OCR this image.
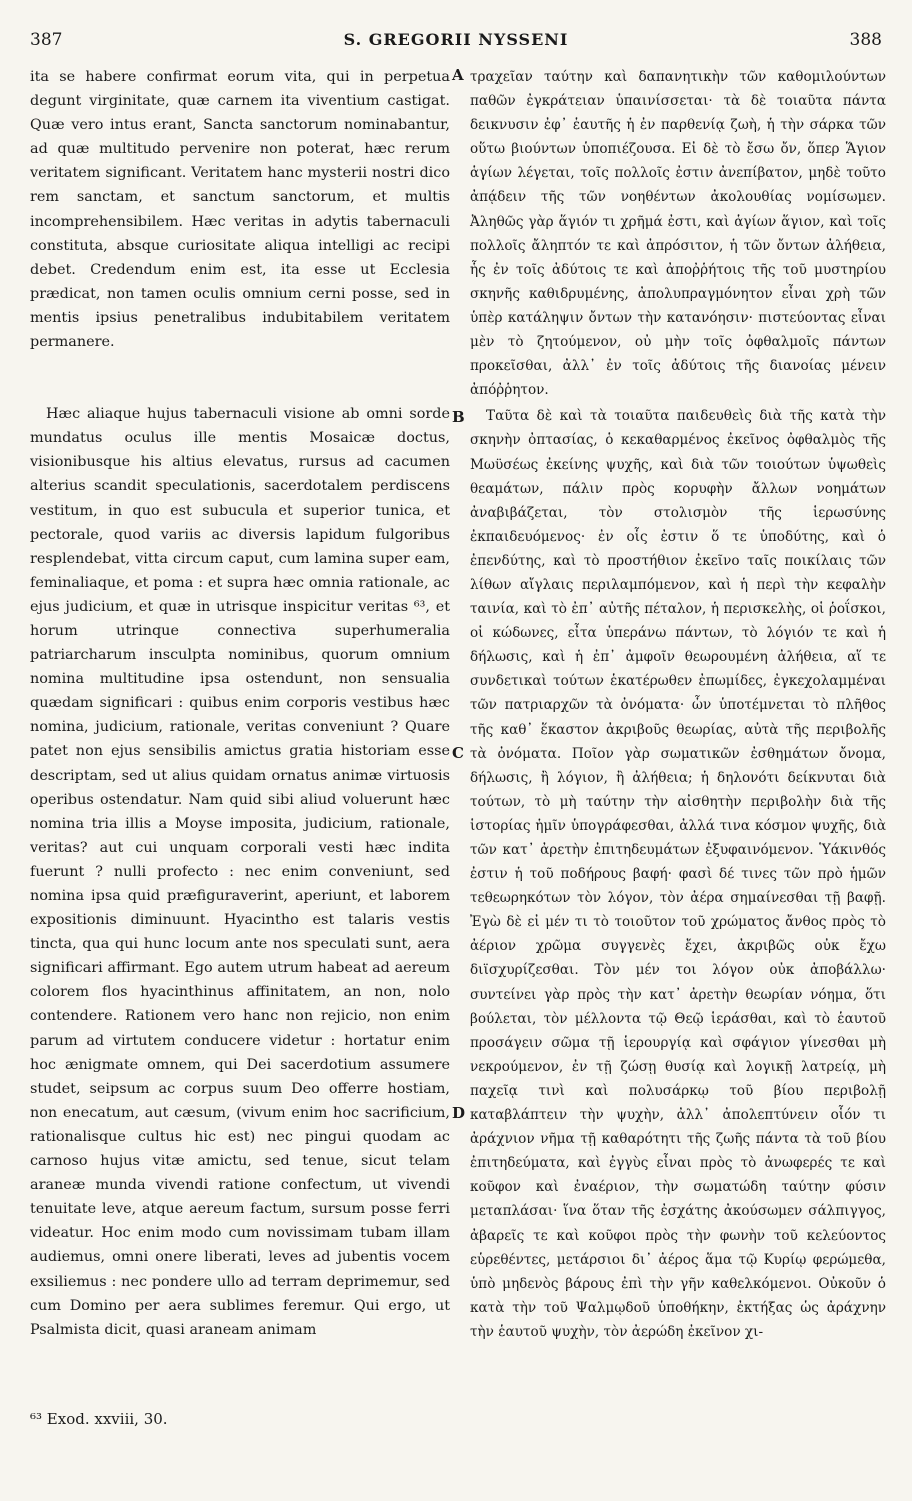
387	S. GREGORII NYSSENI	388

ita se habere confirmat eorum vita, qui in perpetua degunt virginitate, quæ carnem ita viventium castigat. Quæ vero intus erant, Sancta sanctorum nominabantur, ad quæ multitudo pervenire non poterat, hæc rerum veritatem significant. Veritatem hanc mysterii nostri dico rem sanctam, et sanctum sanctorum, et multis incomprehensibilem. Hæc veritas in adytis tabernaculi constituta, absque curiositate aliqua intelligi ac recipi debet. Credendum enim est, ita esse ut Ecclesia prædicat, non tamen oculis omnium cerni posse, sed in mentis ipsius penetralibus indubitabilem veritatem permanere.

Hæc aliaque hujus tabernaculi visione ab omni sorde mundatus oculus ille mentis Mosaicæ doctus, visionibusque his altius elevatus, rursus ad cacumen alterius scandit speculationis, sacerdotalem perdiscens vestitum, in quo est subucula et superior tunica, et pectorale, quod variis ac diversis lapidum fulgoribus resplendebat, vitta circum caput, cum lamina super eam, feminaliaque, et poma : et supra hæc omnia rationale, ac ejus judicium, et quæ in utrisque inspicitur veritas ⁶³, et horum utrinque connectiva superhumeralia patriarcharum insculpta nominibus, quorum omnium nomina multitudine ipsa ostendunt, non sensualia quædam significari : quibus enim corporis vestibus hæc nomina, judicium, rationale, veritas conveniunt ? Quare patet non ejus sensibilis amictus gratia historiam esse descriptam, sed ut alius quidam ornatus animæ virtuosis operibus ostendatur. Nam quid sibi aliud voluerunt hæc nomina tria illis a Moyse imposita, judicium, rationale, veritas? aut cui unquam corporali vesti hæc indita fuerunt ? nulli profecto : nec enim conveniunt, sed nomina ipsa quid præfiguraverint, aperiunt, et laborem expositionis diminuunt. Hyacintho est talaris vestis tincta, qua qui hunc locum ante nos speculati sunt, aera significari affirmant. Ego autem utrum habeat ad aereum colorem flos hyacinthinus affinitatem, an non, nolo contendere. Rationem vero hanc non rejicio, non enim parum ad virtutem conducere videtur : hortatur enim hoc ænigmate omnem, qui Dei sacerdotium assumere studet, seipsum ac corpus suum Deo offerre hostiam, non enecatum, aut cæsum, (vivum enim hoc sacrificium, rationalisque cultus hic est) nec pingui quodam ac carnoso hujus vitæ amictu, sed tenue, sicut telam araneæ munda vivendi ratione confectum, ut vivendi tenuitate leve, atque aereum factum, sursum posse ferri videatur. Hoc enim modo cum novissimam tubam illam audiemus, omni onere liberati, leves ad jubentis vocem exsiliemus : nec pondere ullo ad terram deprimemur, sed cum Domino per aera sublimes feremur. Qui ergo, ut Psalmista dicit, quasi araneam animam

τραχεῖαν ταύτην καὶ δαπανητικὴν τῶν καθομιλούντων παθῶν ἐγκράτειαν ὑπαινίσσεται· τὰ δὲ τοιαῦτα πάντα δεικνυσιν ἐφ᾽ ἑαυτῆς ἡ ἐν παρθενίᾳ ζωὴ, ἡ τὴν σάρκα τῶν οὕτω βιούντων ὑποπιέζουσα. Εἰ δὲ τὸ ἔσω ὄν, ὅπερ Ἅγιον ἁγίων λέγεται, τοῖς πολλοῖς ἐστιν ἀνεπίβατον, μηδὲ τοῦτο ἀπᾴδειν τῆς τῶν νοηθέντων ἀκολουθίας νομίσωμεν. Ἀληθῶς γὰρ ἅγιόν τι χρῆμά ἐστι, καὶ ἁγίων ἅγιον, καὶ τοῖς πολλοῖς ἄληπτόν τε καὶ ἀπρόσιτον, ἡ τῶν ὄντων ἀλήθεια, ἧς ἐν τοῖς ἀδύτοις τε καὶ ἀποῤῥήτοις τῆς τοῦ μυστηρίου σκηνῆς καθιδρυμένης, ἀπολυπραγμόνητον εἶναι χρὴ τῶν ὑπὲρ κατάληψιν ὄντων τὴν κατανόησιν· πιστεύοντας εἶναι μὲν τὸ ζητούμενον, οὐ μὴν τοῖς ὀφθαλμοῖς πάντων προκεῖσθαι, ἀλλ᾽ ἐν τοῖς ἀδύτοις τῆς διανοίας μένειν ἀπόῤῥητον.

Ταῦτα δὲ καὶ τὰ τοιαῦτα παιδευθεὶς διὰ τῆς κατὰ τὴν σκηνὴν ὀπτασίας, ὁ κεκαθαρμένος ἐκεῖνος ὀφθαλμὸς τῆς Μωϋσέως ἐκείνης ψυχῆς, καὶ διὰ τῶν τοιούτων ὑψωθεὶς θεαμάτων, πάλιν πρὸς κορυφὴν ἄλλων νοημάτων ἀναβιβάζεται, τὸν στολισμὸν τῆς ἱερωσύνης ἐκπαιδευόμενος· ἐν οἷς ἐστιν ὅ τε ὑποδύτης, καὶ ὁ ἐπενδύτης, καὶ τὸ προστήθιον ἐκεῖνο ταῖς ποικίλαις τῶν λίθων αἴγλαις περιλαμπόμενον, καὶ ἡ περὶ τὴν κεφαλὴν ταινία, καὶ τὸ ἐπ᾽ αὐτῆς πέταλον, ἡ περισκελὴς, οἱ ῥοΐσκοι, οἱ κώδωνες, εἶτα ὑπεράνω πάντων, τὸ λόγιόν τε καὶ ἡ δήλωσις, καὶ ἡ ἐπ᾽ ἀμφοῖν θεωρουμένη ἀλήθεια, αἵ τε συνδετικαὶ τούτων ἑκατέρωθεν ἐπωμίδες, ἐγκεχολαμμέναι τῶν πατριαρχῶν τὰ ὀνόματα· ὧν ὑποτέμνεται τὸ πλῆθος τῆς καθ᾽ ἕκαστον ἀκριβοῦς θεωρίας, αὐτὰ τῆς περιβολῆς τὰ ὀνόματα. Ποῖον γὰρ σωματικῶν ἐσθημάτων ὄνομα, δήλωσις, ἢ λόγιον, ἢ ἀλήθεια; ἡ δηλονότι δείκνυται διὰ τούτων, τὸ μὴ ταύτην τὴν αἰσθητὴν περιβολὴν διὰ τῆς ἱστορίας ἡμῖν ὑπογράφεσθαι, ἀλλά τινα κόσμον ψυχῆς, διὰ τῶν κατ᾽ ἀρετὴν ἐπιτηδευμάτων ἐξυφαινόμενον. Ὑάκινθός ἐστιν ἡ τοῦ ποδήρους βαφή· φασὶ δέ τινες τῶν πρὸ ἡμῶν τεθεωρηκότων τὸν λόγον, τὸν ἀέρα σημαίνεσθαι τῇ βαφῇ. Ἐγὼ δὲ εἰ μέν τι τὸ τοιοῦτον τοῦ χρώματος ἄνθος πρὸς τὸ ἀέριον χρῶμα συγγενὲς ἔχει, ἀκριβῶς οὐκ ἔχω διϊσχυρίζεσθαι. Τὸν μέν τοι λόγον οὐκ ἀποβάλλω· συντείνει γὰρ πρὸς τὴν κατ᾽ ἀρετὴν θεωρίαν νόημα, ὅτι βούλεται, τὸν μέλλοντα τῷ Θεῷ ἱεράσθαι, καὶ τὸ ἑαυτοῦ προσάγειν σῶμα τῇ ἱερουργίᾳ καὶ σφάγιον γίνεσθαι μὴ νεκρούμενον, ἐν τῇ ζώσῃ θυσίᾳ καὶ λογικῇ λατρείᾳ, μὴ παχεῖᾳ τινὶ καὶ πολυσάρκῳ τοῦ βίου περιβολῇ καταβλάπτειν τὴν ψυχὴν, ἀλλ᾽ ἀπολεπτύνειν οἷόν τι ἀράχνιον νῆμα τῇ καθαρότητι τῆς ζωῆς πάντα τὰ τοῦ βίου ἐπιτηδεύματα, καὶ ἐγγὺς εἶναι πρὸς τὸ ἀνωφερές τε καὶ κοῦφον καὶ ἐναέριον, τὴν σωματώδη ταύτην φύσιν μεταπλάσαι· ἵνα ὅταν τῆς ἐσχάτης ἀκούσωμεν σάλπιγγος, ἀβαρεῖς τε καὶ κοῦφοι πρὸς τὴν φωνὴν τοῦ κελεύοντος εὑρεθέντες, μετάρσιοι δι᾽ ἀέρος ἅμα τῷ Κυρίῳ φερώμεθα, ὑπὸ μηδενὸς βάρους ἐπὶ τὴν γῆν καθελκόμενοι. Οὐκοῦν ὁ κατὰ τὴν τοῦ Ψαλμῳδοῦ ὑποθήκην, ἐκτήξας ὡς ἀράχνην τὴν ἑαυτοῦ ψυχὴν, τὸν ἀερώδη ἐκεῖνον χι-

A
B
C
D
⁶³ Exod. xxviii, 30.
